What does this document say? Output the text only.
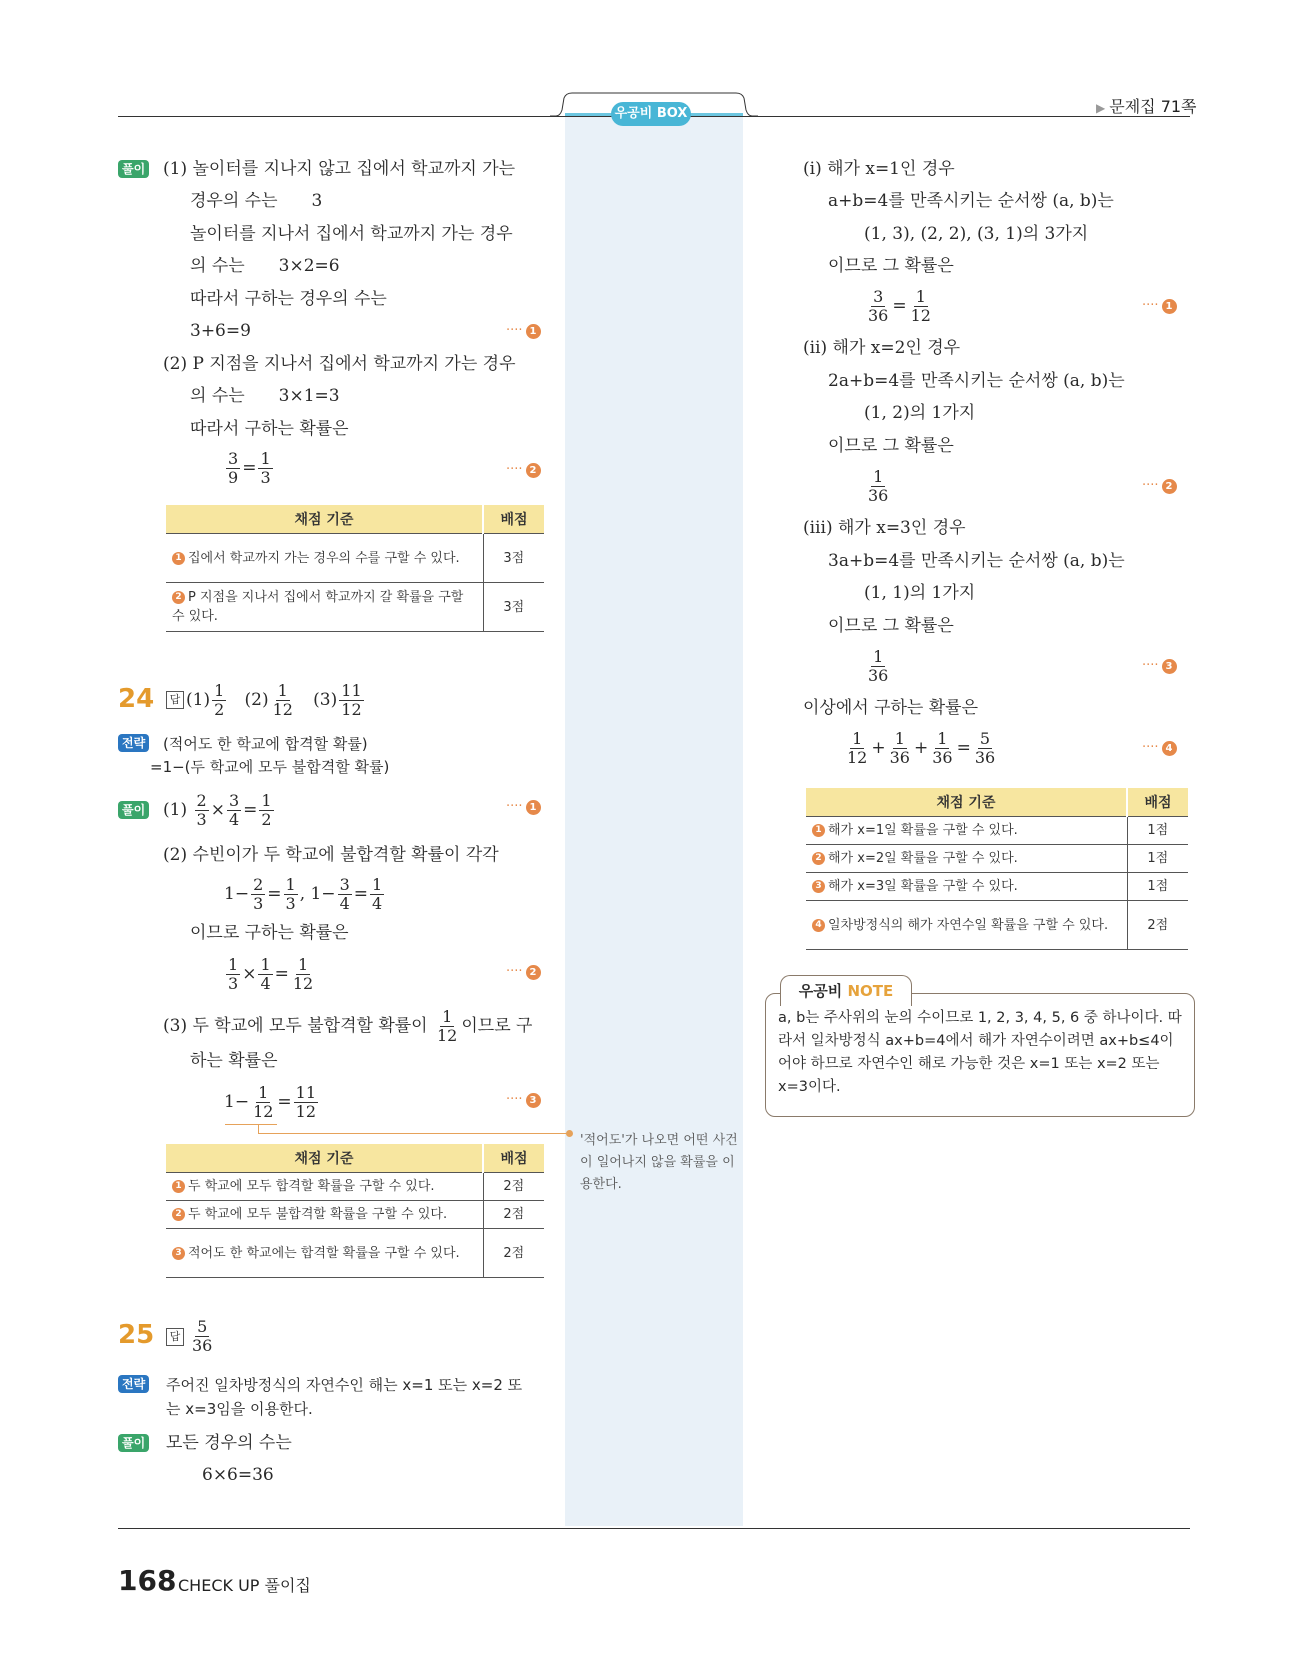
우공비 BOX	▶ 문제집 71쪽
풀이 (1) 놀이터를 지나지 않고 집에서 학교까지 가는
경우의 수는　　3
놀이터를 지나서 집에서 학교까지 가는 경우
의 수는　　3×2=6
따라서 구하는 경우의 수는
3+6=9	···· 1
(2) P 지점을 지나서 집에서 학교까지 가는 경우
의 수는　　3×1=3
따라서 구하는 확률은
$\frac{3}{9} = \frac{1}{3}$	···· 2
채점 기준	배점
1 집에서 학교까지 가는 경우의 수를 구할 수 있다.	3점
2 P 지점을 지나서 집에서 학교까지 갈 확률을 구할 수 있다.	3점
24	답 $(1) \frac{1}{2} (2) \frac{1}{12} (3) \frac{11}{12}$
전략 (적어도 한 학교에 합격할 확률)
=1−(두 학교에 모두 불합격할 확률)
풀이 $(1) \frac{2}{3} \times \frac{3}{4} = \frac{1}{2}$	···· 1
(2) 수빈이가 두 학교에 불합격할 확률이 각각
$1- \frac{2}{3} = \frac{1}{3}$ , $1- \frac{3}{4} = \frac{1}{4}$
이므로 구하는 확률은
$\frac{1}{3} \times \frac{1}{4} = \frac{1}{12}$	···· 2
(3) 두 학교에 모두 불합격할 확률이 $\frac{1}{12}$ 이므로 구
하는 확률은
$1- \frac{1}{12} = \frac{11}{12}$	···· 3
'적어도'가 나오면 어떤 사건이 일어나지 않을 확률을 이용한다.
채점 기준	배점
1 두 학교에 모두 합격할 확률을 구할 수 있다.	2점
2 두 학교에 모두 불합격할 확률을 구할 수 있다.	2점
3 적어도 한 학교에는 합격할 확률을 구할 수 있다.	2점
25	답 $\frac{5}{36}$
전략 주어진 일차방정식의 자연수인 해는 x=1 또는 x=2 또
는 x=3임을 이용한다.
풀이 모든 경우의 수는
6×6=36
(ⅰ) 해가 x=1인 경우
a+b=4를 만족시키는 순서쌍 (a, b)는
(1, 3), (2, 2), (3, 1)의 3가지
이므로 그 확률은
$\frac{3}{36} = \frac{1}{12}$	···· 1
(ⅱ) 해가 x=2인 경우
2a+b=4를 만족시키는 순서쌍 (a, b)는
(1, 2)의 1가지
이므로 그 확률은
$\frac{1}{36}$	···· 2
(ⅲ) 해가 x=3인 경우
3a+b=4를 만족시키는 순서쌍 (a, b)는
(1, 1)의 1가지
이므로 그 확률은
$\frac{1}{36}$	···· 3
이상에서 구하는 확률은
$\frac{1}{12} + \frac{1}{36} + \frac{1}{36} = \frac{5}{36}$	···· 4
채점 기준	배점
1 해가 x=1일 확률을 구할 수 있다.	1점
2 해가 x=2일 확률을 구할 수 있다.	1점
3 해가 x=3일 확률을 구할 수 있다.	1점
4 일차방정식의 해가 자연수일 확률을 구할 수 있다.	2점
우공비 NOTE
a, b는 주사위의 눈의 수이므로 1, 2, 3, 4, 5, 6 중 하나이다. 따라서 일차방정식 ax+b=4에서 해가 자연수이려면 ax+b≤4이어야 하므로 자연수인 해로 가능한 것은 x=1 또는 x=2 또는 x=3이다.
168 CHECK UP 풀이집
